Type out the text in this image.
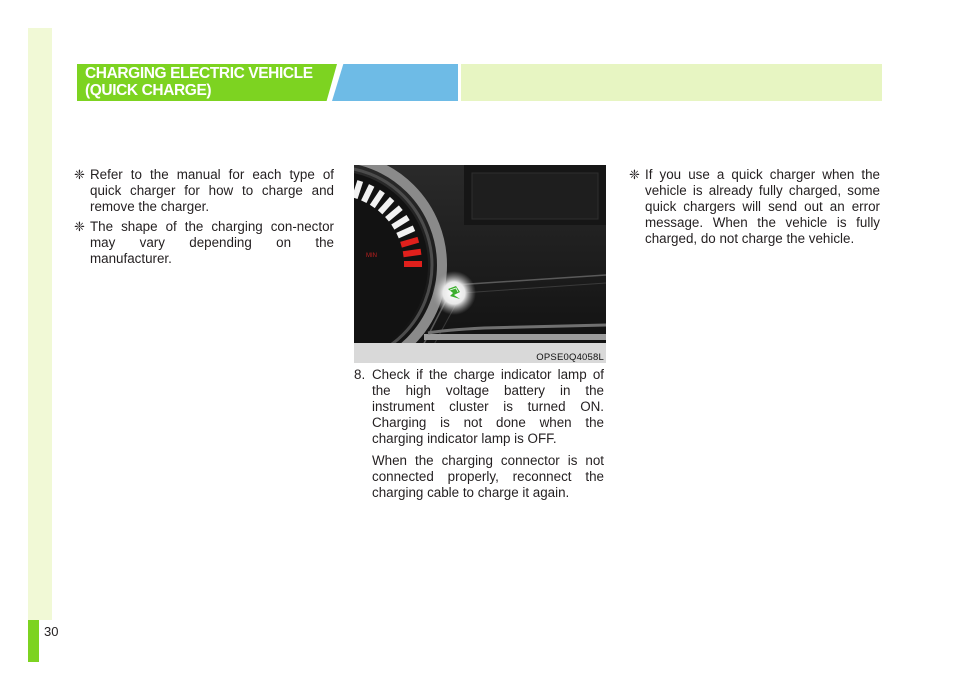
CHARGING ELECTRIC VEHICLE
(QUICK CHARGE)
❈ Refer to the manual for each type of quick charger for how to charge and remove the charger.
❈ The shape of the charging con-nector may vary depending on the manufacturer.	MIN
OPSE0Q4058L
8. Check if the charge indicator lamp of the high voltage battery in the instrument cluster is turned ON. Charging is not done when the charging indicator lamp is OFF.
When the charging connector is not connected properly, reconnect the charging cable to charge it again.
❈ If you use a quick charger when the vehicle is already fully charged, some quick chargers will send out an error message. When the vehicle is fully charged, do not charge the vehicle.
30
